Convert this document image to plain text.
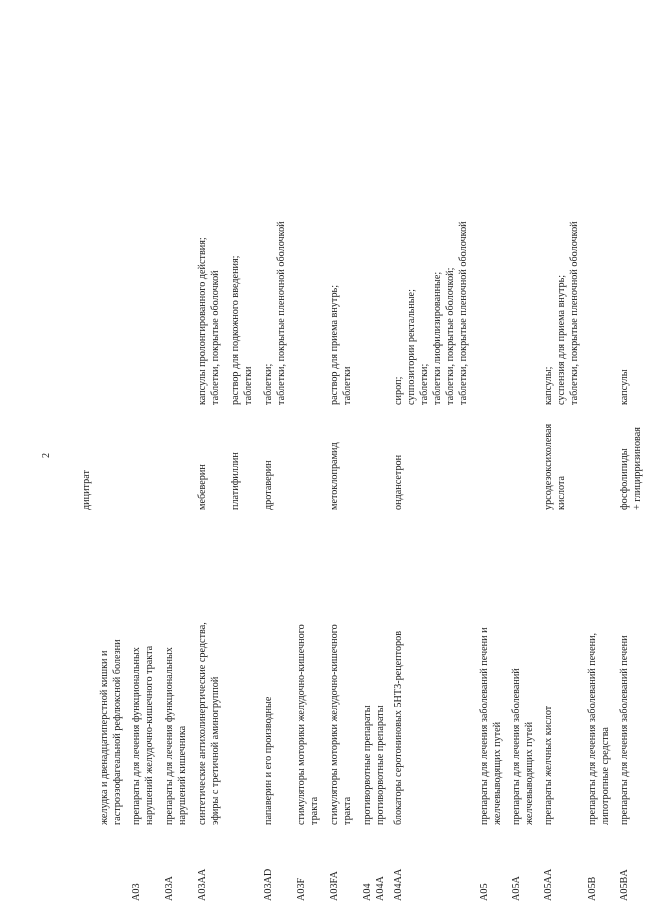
2
дицитрат
желудка и двенадцатиперстной кишки и гастроэзофагеальной рефлюксной болезни
A03
препараты для лечения функциональных нарушений желудочно-кишечного тракта
A03A
препараты для лечения функциональных нарушений кишечника
A03AA
синтетические антихолинергические средства,
мебеверин
капсулы пролонгированного действия;
эфиры с третичной аминогруппой
таблетки, покрытые оболочкой
платифиллин
раствор для подкожного введения; таблетки
A03AD
папаверин и его производные
дротаверин
таблетки; таблетки, покрытые пленочной оболочкой
A03F
стимуляторы моторики желудочно-кишечного тракта
A03FA
стимуляторы моторики желудочно-кишечного
метоклопрамид
раствор для приема внутрь;
тракта
таблетки
A04
противорвотные препараты
A04A
противорвотные препараты
A04AA
блокаторы серотониновых 5HT3-рецепторов
ондансетрон
сироп; суппозитории ректальные; таблетки; таблетки лиофилизированные; таблетки, покрытые оболочкой; таблетки, покрытые пленочной оболочкой
A05
препараты для лечения заболеваний печени и желчевыводящих путей
A05A
препараты для лечения заболеваний желчевыводящих путей
A05AA
препараты желчных кислот
урсодезоксихолевая
капсулы;
кислота
суспензия для приема внутрь; таблетки, покрытые пленочной оболочкой
A05B
препараты для лечения заболеваний печени, липотропные средства
A05BA
препараты для лечения заболеваний печени
фосфолипиды
капсулы
+ глицирризиновая
